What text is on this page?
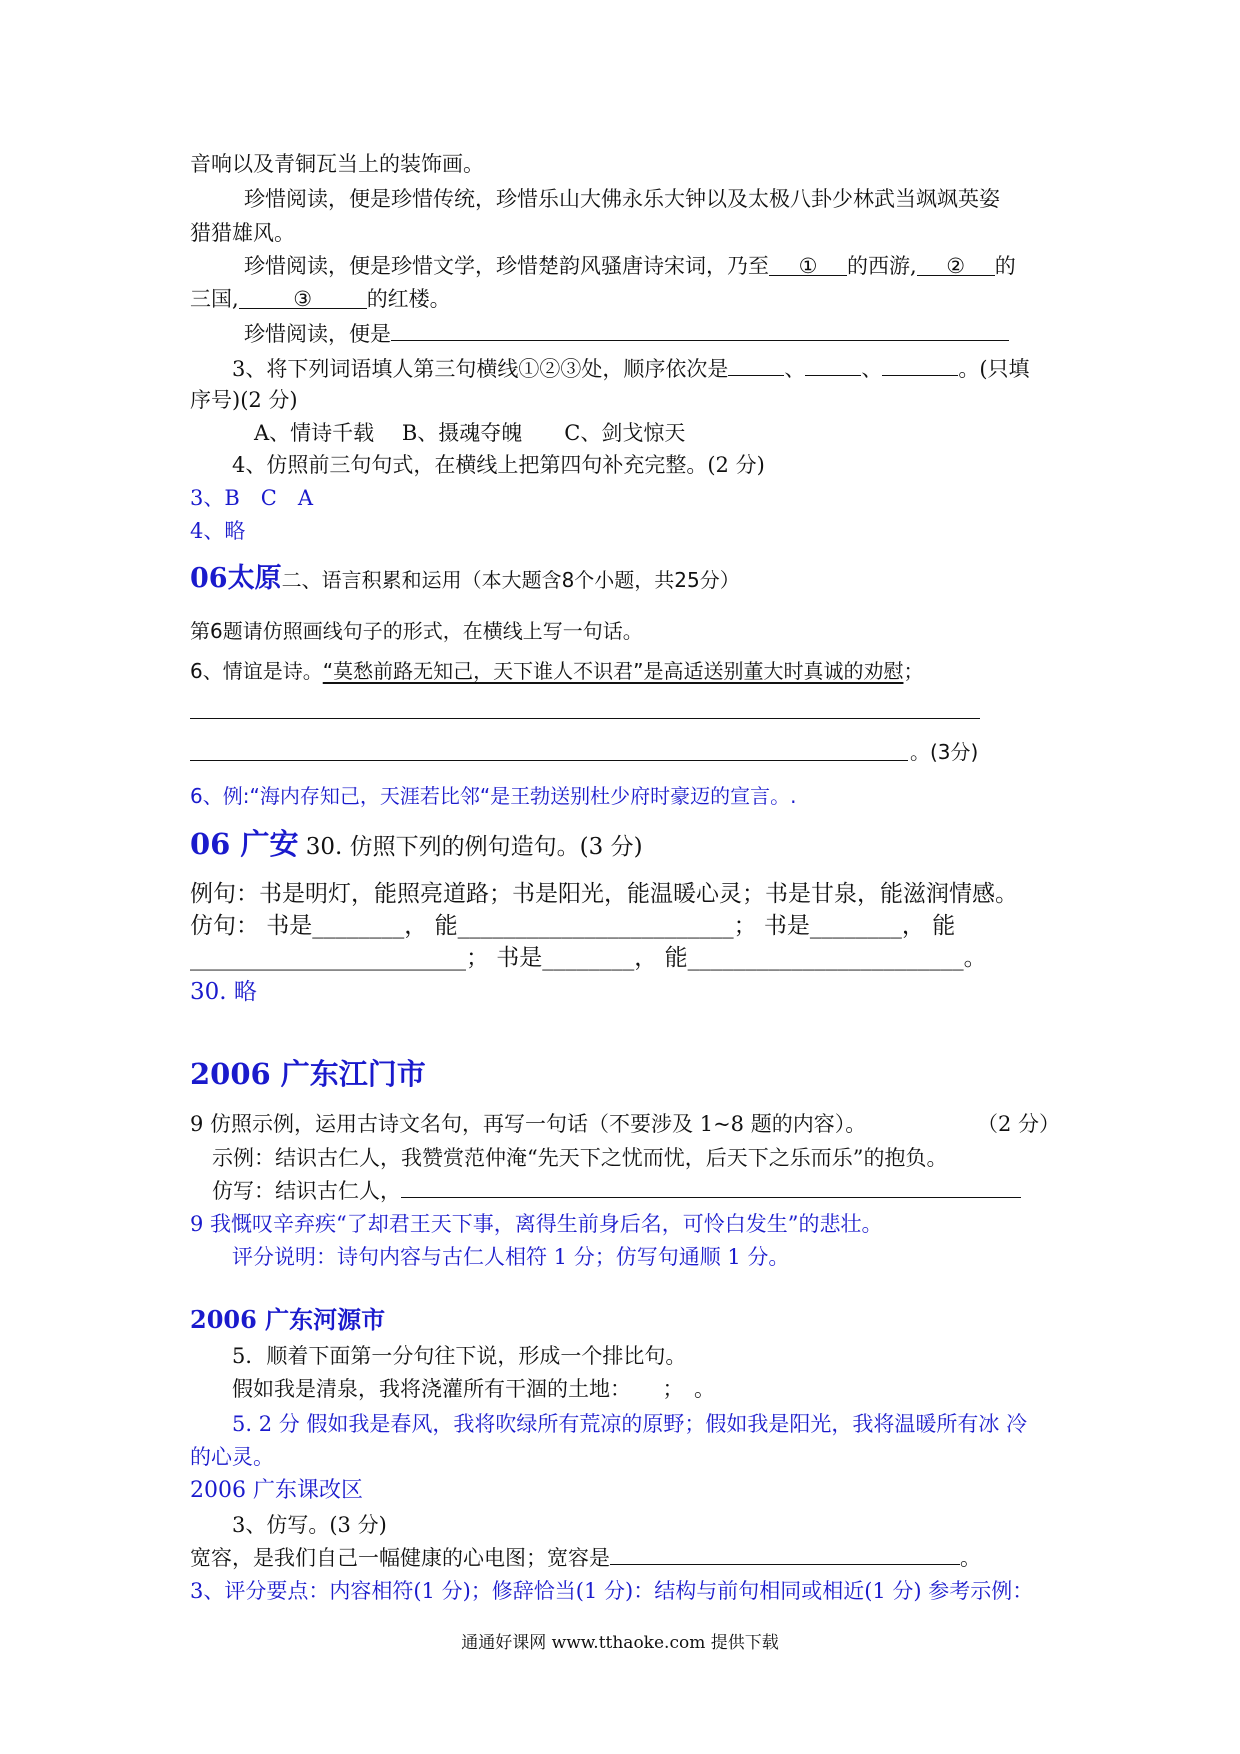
音响以及青铜瓦当上的装饰画。
珍惜阅读，便是珍惜传统，珍惜乐山大佛永乐大钟以及太极八卦少林武当飒飒英姿
猎猎雄风。
珍惜阅读，便是珍惜文学，珍惜楚韵风骚唐诗宋词，乃至 ① 的西游, ② 的
三国,	③	的红楼。
珍惜阅读，便是
3、将下列词语填人第三句横线①②③处，顺序依次是	、	、	。(只填
序号)(2 分)
A、情诗千载　 B、摄魂夺魄　　C、剑戈惊天
4、仿照前三句句式，在横线上把第四句补充完整。(2 分)
3、B　C　A
4、略
06太原二、语言积累和运用（本大题含8个小题，共25分）
第6题请仿照画线句子的形式，在横线上写一句话。
6、情谊是诗。“莫愁前路无知己，天下谁人不识君”是高适送别董大时真诚的劝慰；
。(3分)
6、例:“海内存知己，天涯若比邻“是王勃送别杜少府时豪迈的宣言。.
06 广安 30. 仿照下列的例句造句。(3 分)
例句：书是明灯，能照亮道路；书是阳光，能温暖心灵；书是甘泉，能滋润情感。
仿句： 书是________， 能________________________； 书是________， 能
________________________； 书是________， 能________________________。
30. 略
2006 广东江门市
9 仿照示例，运用古诗文名句，再写一句话（不要涉及 1~8 题的内容）。	（2 分）
示例：结识古仁人，我赞赏范仲淹“先天下之忧而忧，后天下之乐而乐”的抱负。
仿写：结识古仁人，
9 我慨叹辛弃疾“了却君王天下事，离得生前身后名，可怜白发生”的悲壮。
评分说明：诗句内容与古仁人相符 1 分；仿写句通顺 1 分。
2006 广东河源市
5．顺着下面第一分句往下说，形成一个排比句。
假如我是清泉，我将浇灌所有干涸的土地：　　；　。
5. 2 分 假如我是春风，我将吹绿所有荒凉的原野；假如我是阳光，我将温暖所有冰 冷
的心灵。
2006 广东课改区
3、仿写。(3 分)
宽容，是我们自己一幅健康的心电图；宽容是	。
3、评分要点：内容相符(1 分)；修辞恰当(1 分)：结构与前句相同或相近(1 分) 参考示例：
通通好课网 www.tthaoke.com 提供下载
